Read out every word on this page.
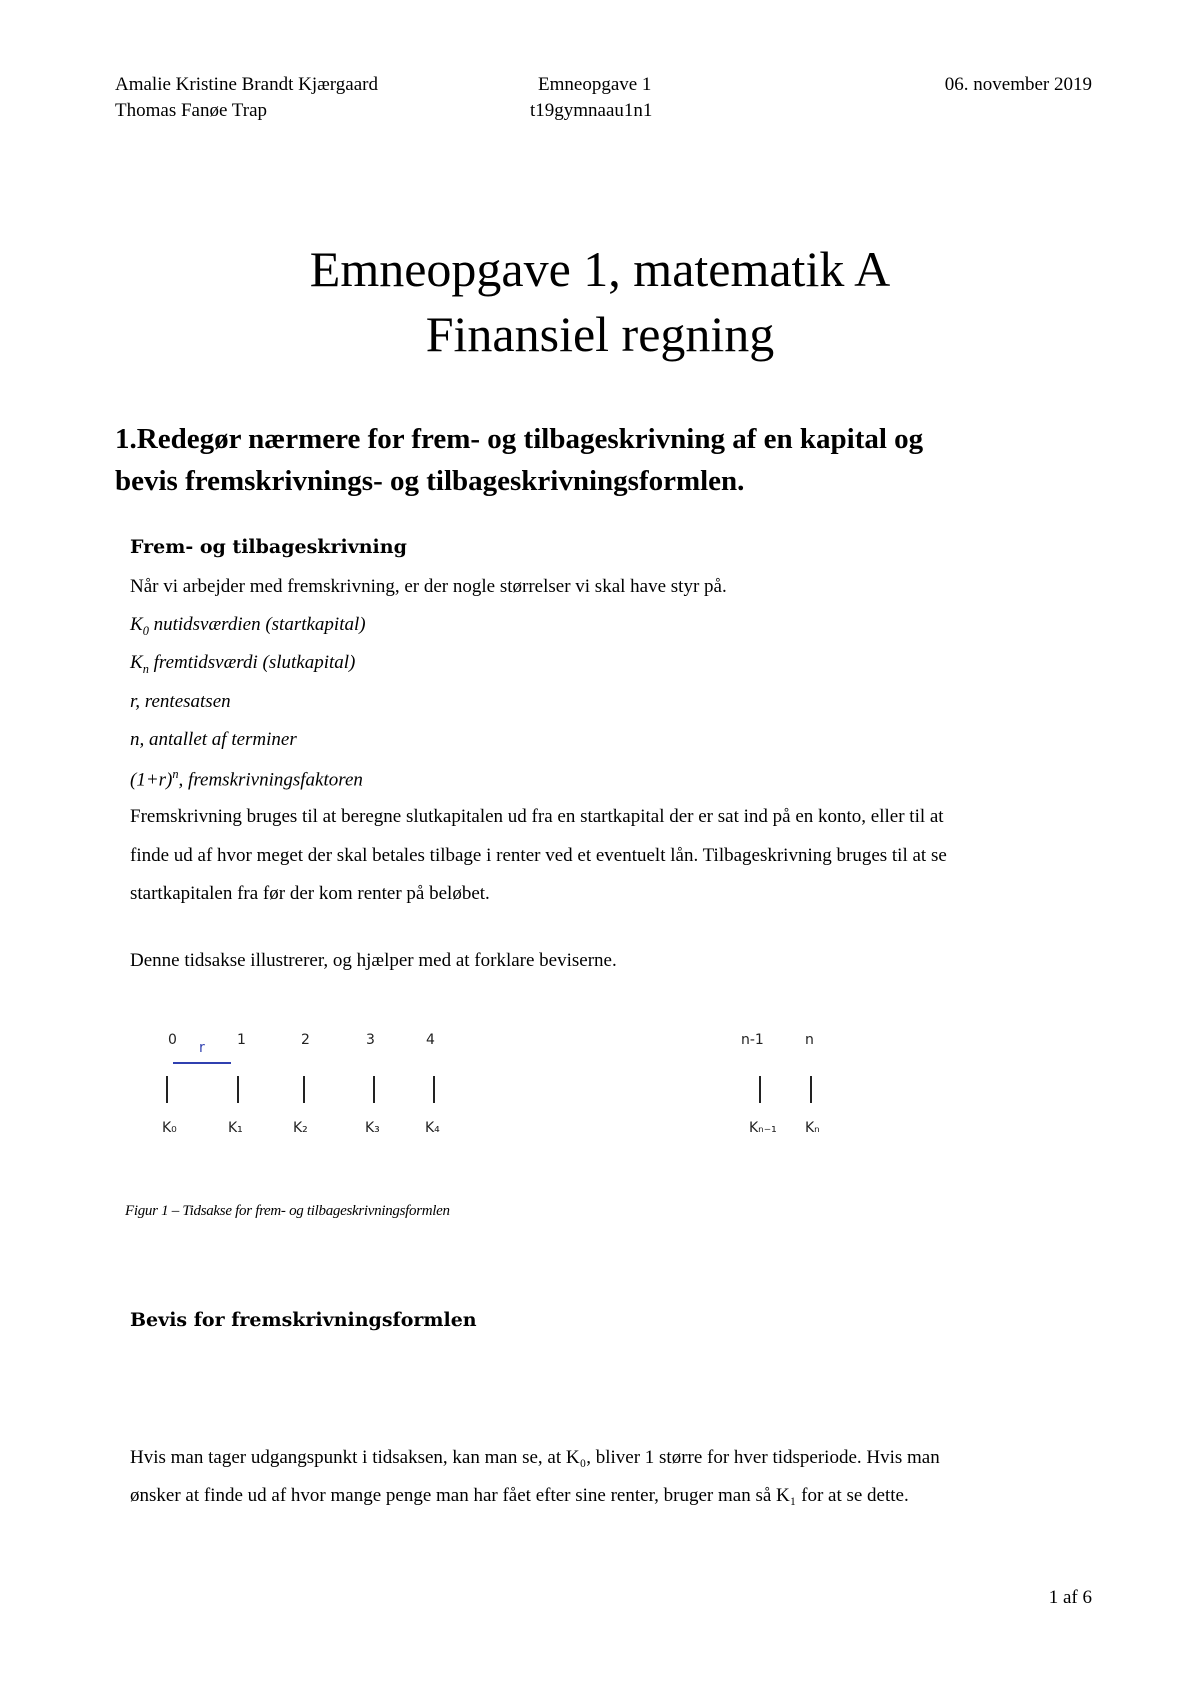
Amalie Kristine Brandt Kjærgaard
Thomas Fanøe Trap
Emneopgave 1
t19gymnaau1n1
06. november 2019
Emneopgave 1, matematik A
Finansiel regning
1.Redegør nærmere for frem- og tilbageskrivning af en kapital og
bevis fremskrivnings- og tilbageskrivningsformlen.
Frem- og tilbageskrivning
Når vi arbejder med fremskrivning, er der nogle størrelser vi skal have styr på.
$K_0$ nutidsværdien (startkapital)
$K_n$ fremtidsværdi (slutkapital)
r, rentesatsen
n, antallet af terminer
$(1+r)^n$, fremskrivningsfaktoren
Fremskrivning bruges til at beregne slutkapitalen ud fra en startkapital der er sat ind på en konto, eller til at
finde ud af hvor meget der skal betales tilbage i renter ved et eventuelt lån. Tilbageskrivning bruges til at se
startkapitalen fra før der kom renter på beløbet.
Denne tidsakse illustrerer, og hjælper med at forklare beviserne.
0	1	2	3	4	n-1	n
r
K₀	K₁	K₂	K₃	K₄	Kₙ₋₁ Kₙ
Figur 1 – Tidsakse for frem- og tilbageskrivningsformlen
Bevis for fremskrivningsformlen
Hvis man tager udgangspunkt i tidsaksen, kan man se, at K₀, bliver 1 større for hver tidsperiode. Hvis man
ønsker at finde ud af hvor mange penge man har fået efter sine renter, bruger man så K₁ for at se dette.
1 af 6
